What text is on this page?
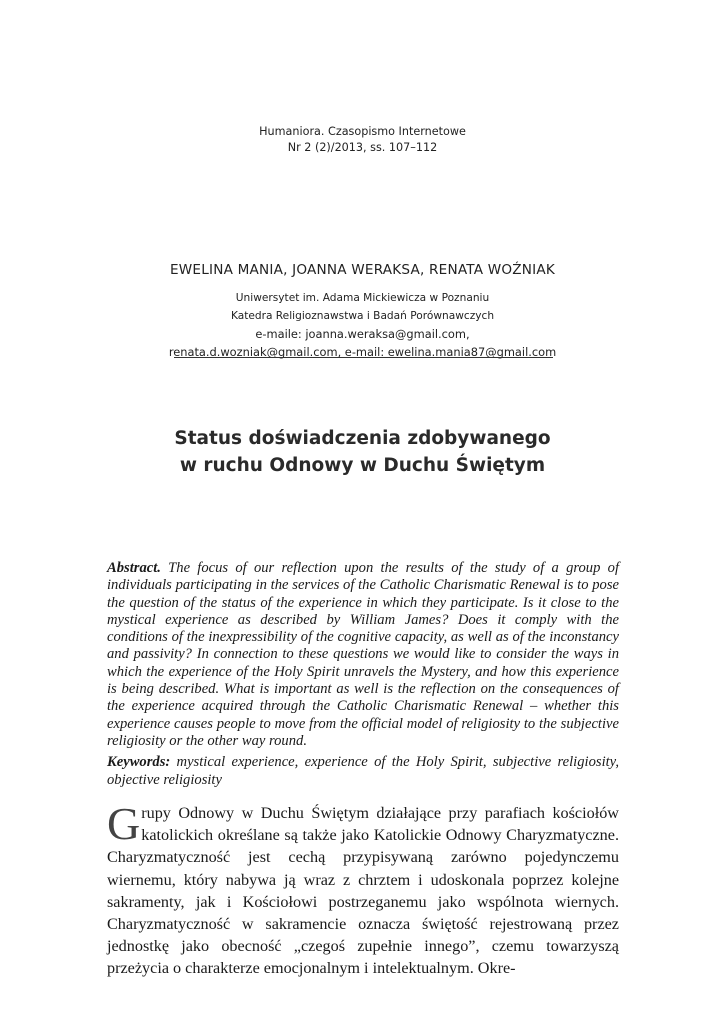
Humaniora. Czasopismo Internetowe
Nr 2 (2)/2013, ss. 107–112
EWELINA MANIA, JOANNA WERAKSA, RENATA WOŹNIAK
Uniwersytet im. Adama Mickiewicza w Poznaniu
Katedra Religioznawstwa i Badań Porównawczych
e-maile: joanna.weraksa@gmail.com,
renata.d.wozniak@gmail.com, e-mail: ewelina.mania87@gmail.com
Status doświadczenia zdobywanego
w ruchu Odnowy w Duchu Świętym

Abstract. The focus of our reflection upon the results of the study of a group of individuals participating in the services of the Catholic Charismatic Renewal is to pose the question of the status of the experience in which they participate. Is it close to the mystical experience as described by William James? Does it comply with the conditions of the inexpressibility of the cognitive capacity, as well as of the inconstancy and passivity? In connection to these questions we would like to consider the ways in which the experience of the Holy Spirit unravels the Mystery, and how this experience is being described. What is important as well is the reflection on the consequences of the experience acquired through the Catholic Charismatic Renewal – whether this experience causes people to move from the official model of religiosity to the subjective religiosity or the other way round.

Keywords: mystical experience, experience of the Holy Spirit, subjective religiosity, objective religiosity

Grupy Odnowy w Duchu Świętym działające przy parafiach kościołów katolickich określane są także jako Katolickie Odnowy Charyzmatyczne. Charyzmatyczność jest cechą przypisywaną zarówno pojedynczemu wiernemu, który nabywa ją wraz z chrztem i udoskonala poprzez kolejne sakramenty, jak i Kościołowi postrzeganemu jako wspólnota wiernych. Charyzmatyczność w sakramencie oznacza świętość rejestrowaną przez jednostkę jako obecność „czegoś zupełnie innego”, czemu towarzyszą przeżycia o charakterze emocjonalnym i intelektualnym. Okre-
